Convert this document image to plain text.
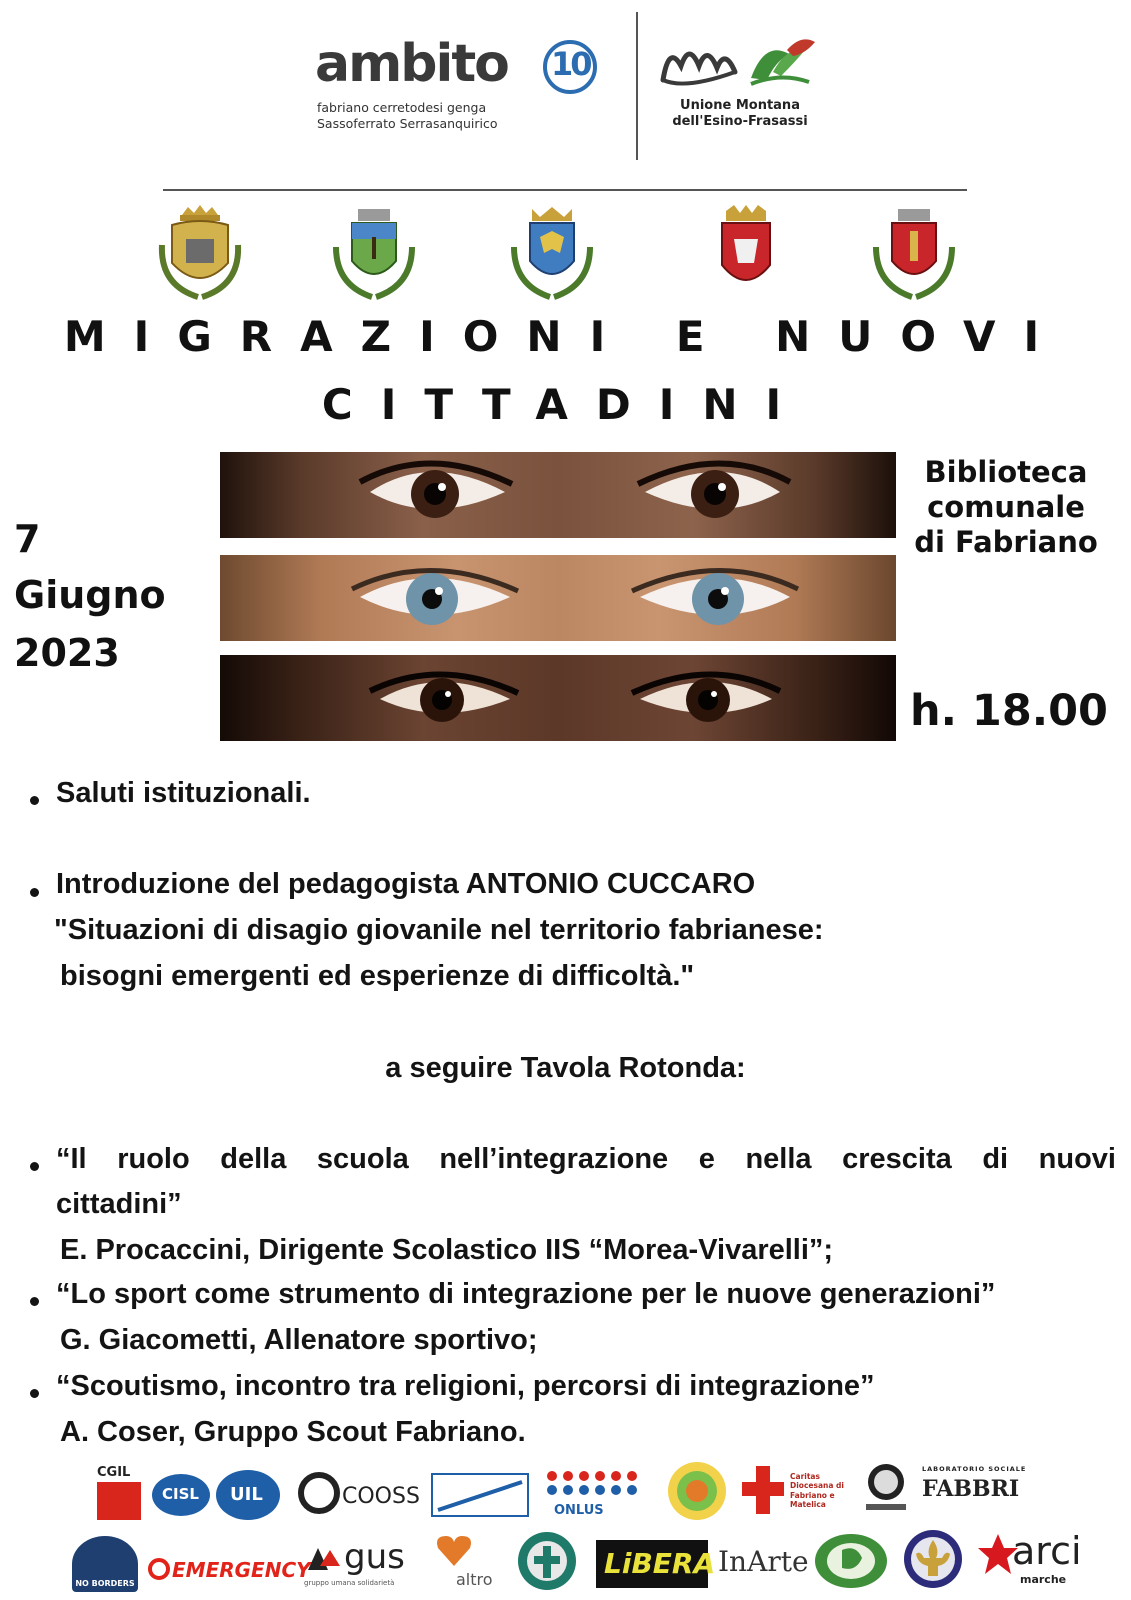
ambito 10
fabriano cerretodesi genga
Sassoferrato Serrasanquirico
Unione Montana
dell'Esino-Frasassi
MIGRAZIONI E NUOVI
CITTADINI
7
Giugno
2023
Biblioteca
comunale
di Fabriano
h. 18.00
Saluti istituzionali.
Introduzione del pedagogista ANTONIO CUCCARO
"Situazioni di disagio giovanile nel territorio fabrianese:
bisogni emergenti ed esperienze di difficoltà."
a seguire Tavola Rotonda:
“Il ruolo della scuola nell’integrazione e nella crescita di nuovi
cittadini”
E. Procaccini, Dirigente Scolastico IIS “Morea-Vivarelli”;
“Lo sport come strumento di integrazione per le nuove generazioni”
G. Giacometti, Allenatore sportivo;
“Scoutismo, incontro tra religioni, percorsi di integrazione”
A. Coser, Gruppo Scout Fabriano.
CGIL
CISL UIL	COOSS
ONLUS
Caritas Diocesana di Fabriano e Matelica
LABORATORIO SOCIALE
FABBRI
NO BORDERS
EMERGENCY gus
gruppo umana solidarietà	altro	LiBERA InArte	arci
marche
